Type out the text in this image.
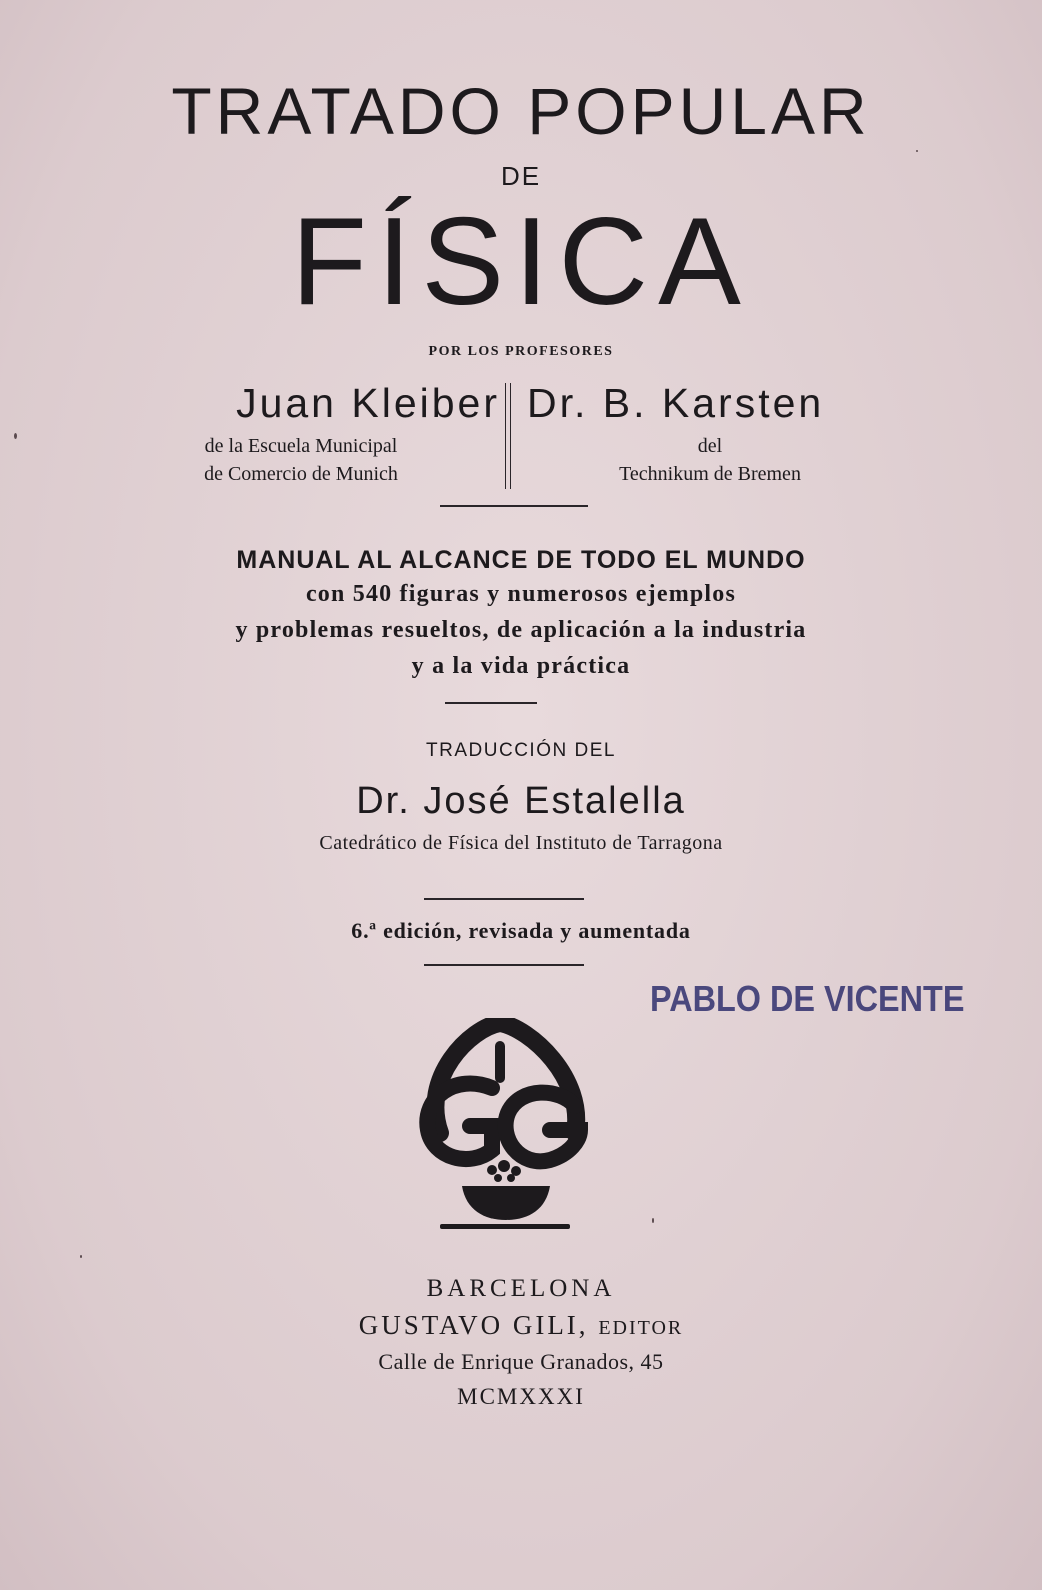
TRATADO POPULAR
DE
FÍSICA
POR LOS PROFESORES
Juan Kleiber Dr. B. Karsten
de la Escuela Municipal
de Comercio de Munich
del
Technikum de Bremen
MANUAL AL ALCANCE DE TODO EL MUNDO
con 540 figuras y numerosos ejemplos
y problemas resueltos, de aplicación a la industria
y a la vida práctica
TRADUCCIÓN DEL
Dr. José Estalella
Catedrático de Física del Instituto de Tarragona
6.ª edición, revisada y aumentada
PABLO DE VICENTE
BARCELONA
GUSTAVO GILI, EDITOR
Calle de Enrique Granados, 45
MCMXXXI
